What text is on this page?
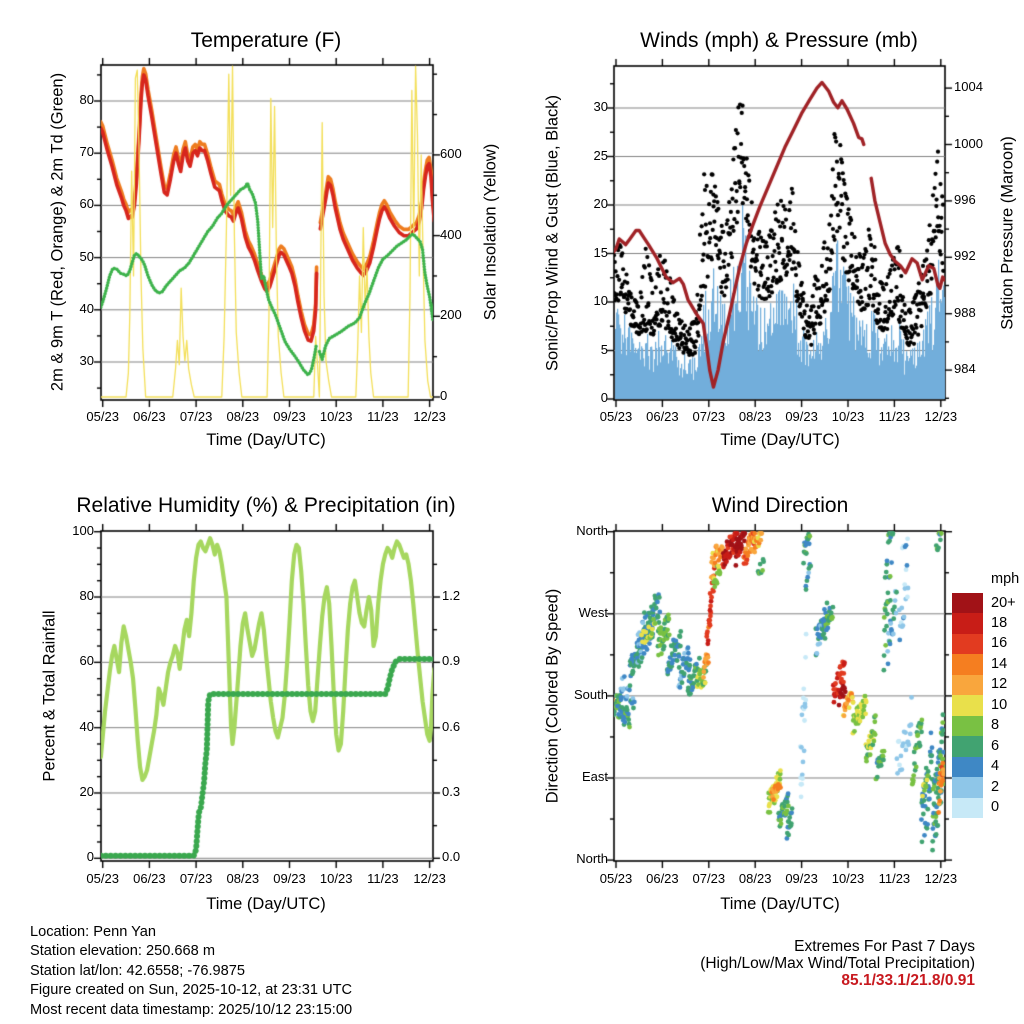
Temperature (F)	Winds (mph) & Pressure (mb)
Relative Humidity (%) & Precipitation (in)	Wind Direction
Time (Day/UTC)	Time (Day/UTC)
Time (Day/UTC)	Time (Day/UTC)
2m & 9m T (Red, Orange) & 2m Td (Green)	Solar Insolation (Yellow)	Sonic/Prop Wind & Gust (Blue, Black)	Station Pressure (Maroon)
Percent & Total Rainfall	Direction (Colored By Speed)
mph
Location: Penn Yan
Station elevation: 250.668 m
Station lat/lon: 42.6558; -76.9875
Figure created on Sun, 2025-10-12, at 23:31 UTC
Most recent data timestamp: 2025/10/12 23:15:00
Extremes For Past 7 Days
(High/Low/Max Wind/Total Precipitation)
85.1/33.1/21.8/0.91
20+
18
16
14
12
10
8
6
4
2
0
05/23	06/23	07/23	08/23	09/23	10/23	11/23	12/23	05/23	06/23	07/23	08/23	09/23	10/23	11/23	12/23
05/23	06/23	07/23	08/23	09/23	10/23	11/23	12/23	05/23	06/23	07/23	08/23	09/23	10/23	11/23	12/23
30
40
50
60
70
80
0
200
400
600
0
5
10
15
20
25
30
984
988
992
996
1000
1004
0
20
40
60
80
100
0.0
0.3
0.6
0.9
1.2
North
West
South
East
North
